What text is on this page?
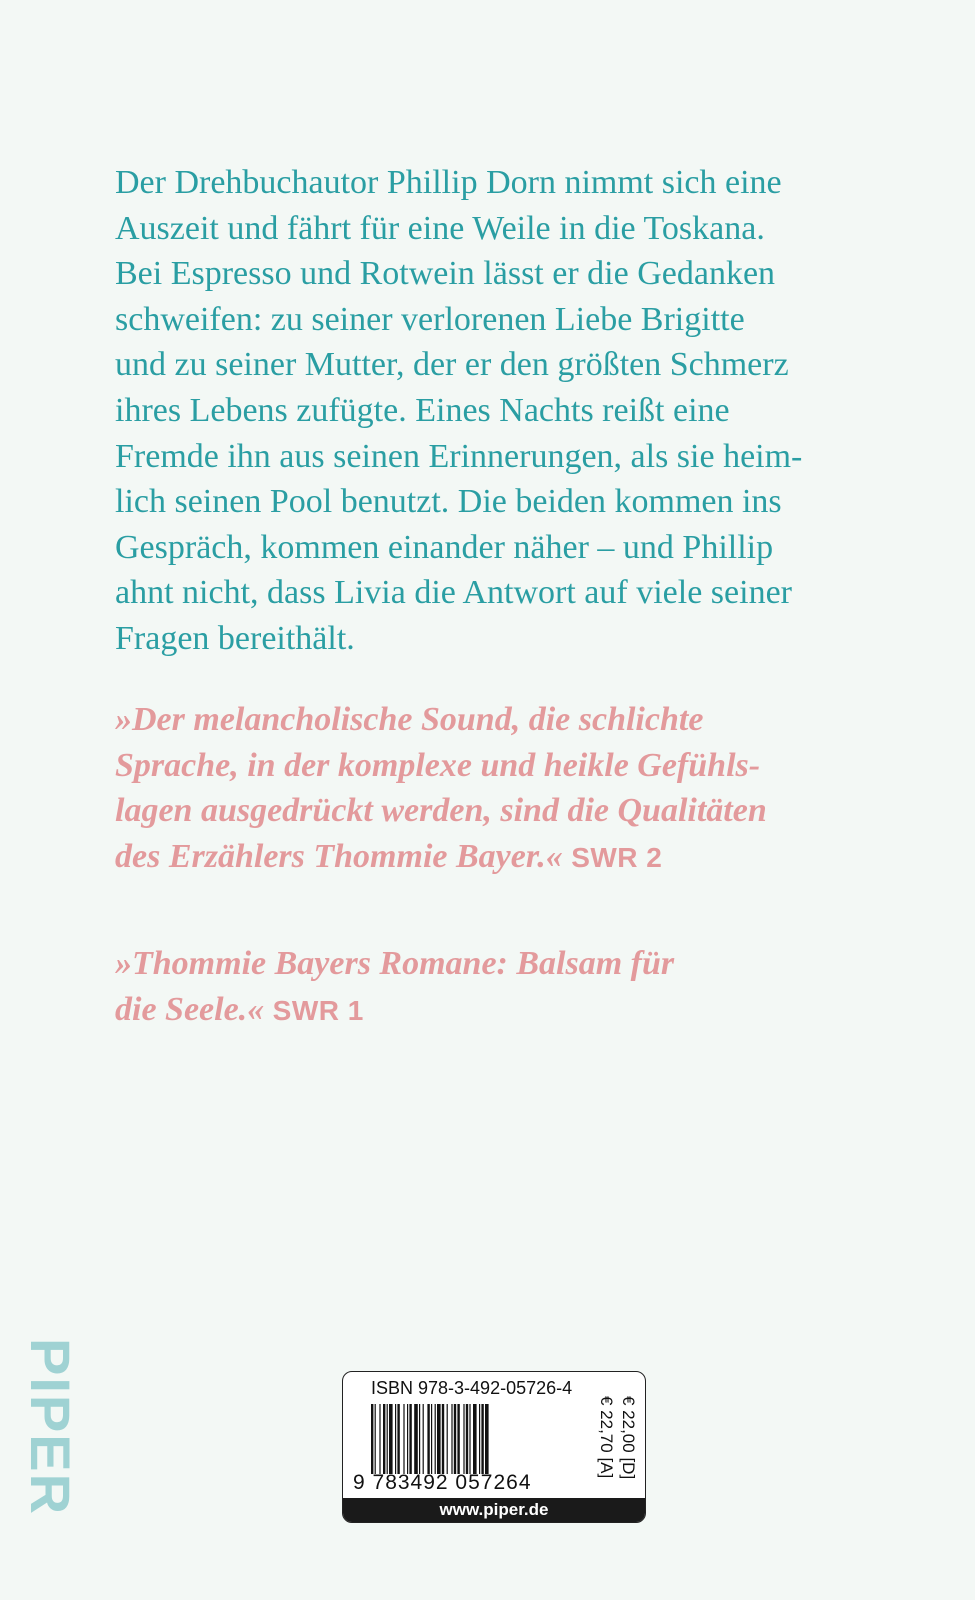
Der Drehbuchautor Phillip Dorn nimmt sich eine
Auszeit und fährt für eine Weile in die Toskana.
Bei Espresso und Rotwein lässt er die Gedanken
schweifen: zu seiner verlorenen Liebe Brigitte
und zu seiner Mutter, der er den größten Schmerz
ihres Lebens zufügte. Eines Nachts reißt eine
Fremde ihn aus seinen Erinnerungen, als sie heim-
lich seinen Pool benutzt. Die beiden kommen ins
Gespräch, kommen einander näher – und Phillip
ahnt nicht, dass Livia die Antwort auf viele seiner
Fragen bereithält.
»Der melancholische Sound, die schlichte
Sprache, in der komplexe und heikle Gefühls-
lagen ausgedrückt werden, sind die Qualitäten
des Erzählers Thommie Bayer.« SWR 2
»Thommie Bayers Romane: Balsam für
die Seele.« SWR 1
PIPER	ISBN 978-3-492-05726-4
9 783492 057264
€ 22,00 [D]
€ 22,70 [A]
www.piper.de
